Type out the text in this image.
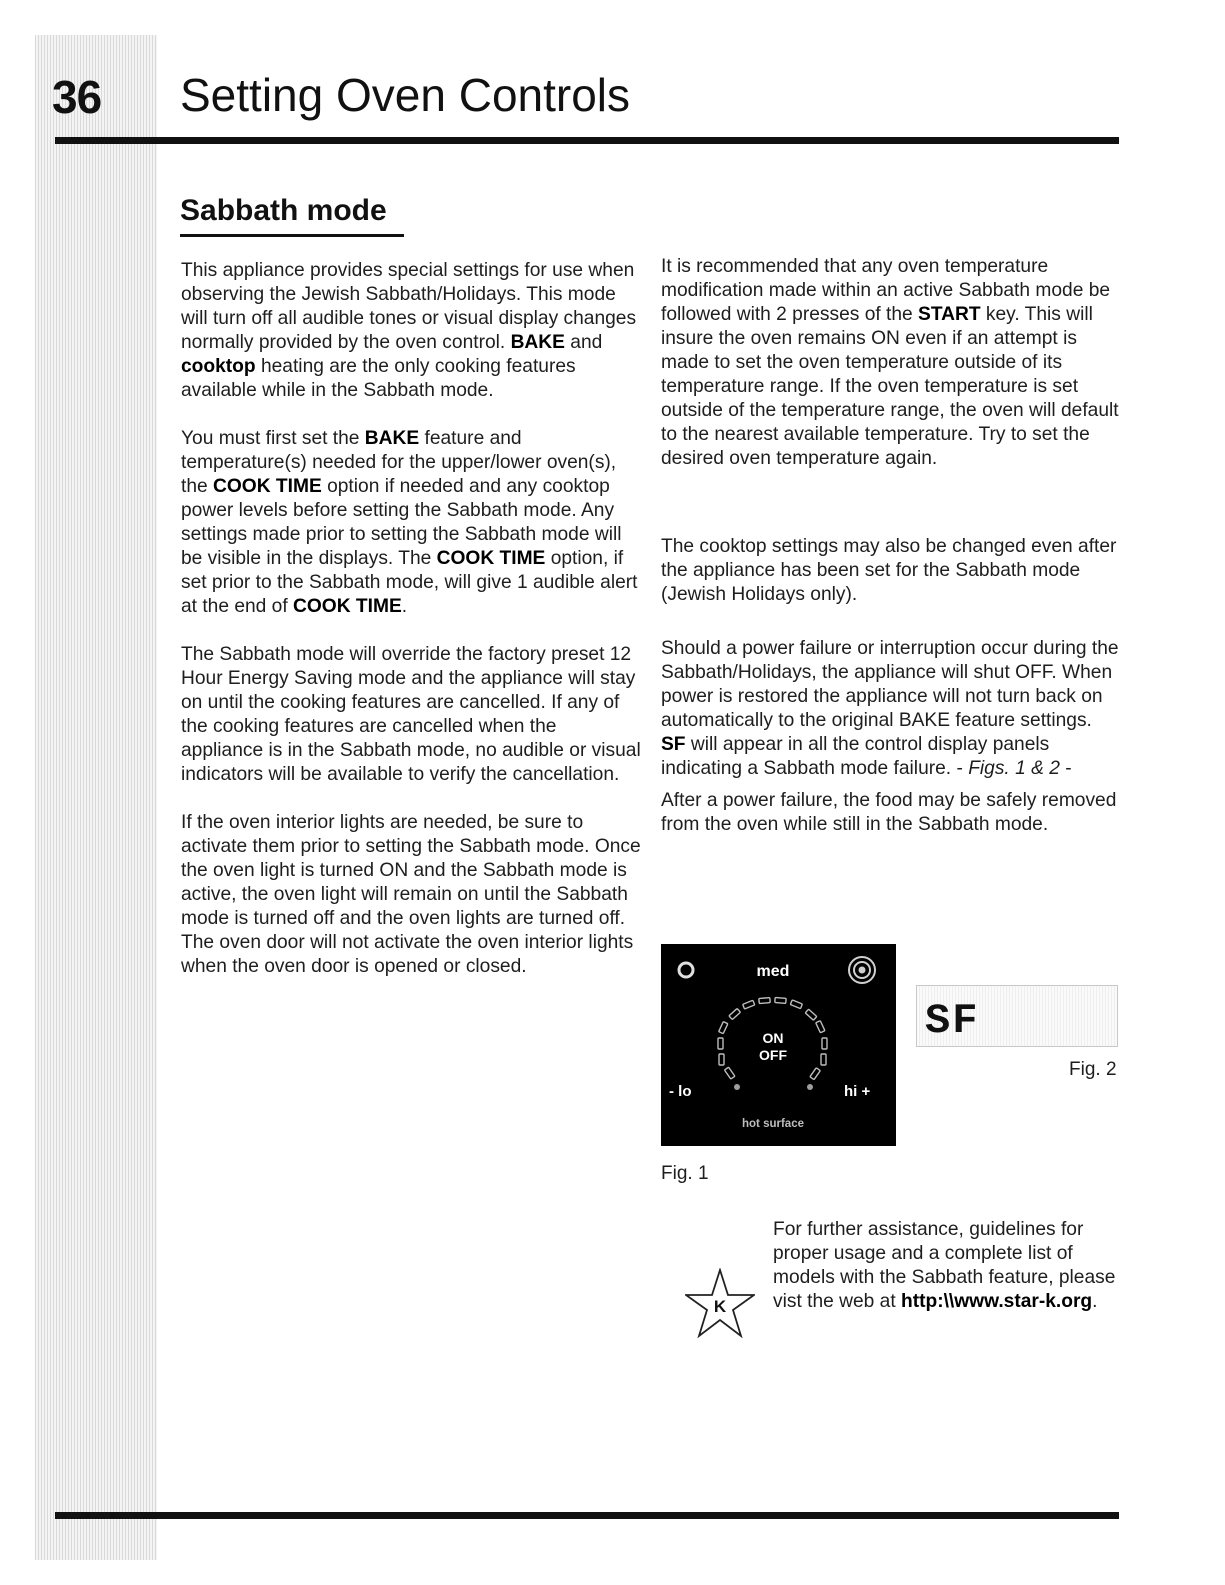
36 Setting Oven Controls
Sabbath mode

This appliance provides special settings for use when observing the Jewish Sabbath/Holidays. This mode will turn off all audible tones or visual display changes normally provided by the oven control. BAKE and cooktop heating are the only cooking features available while in the Sabbath mode.

You must first set the BAKE feature and temperature(s) needed for the upper/lower oven(s), the COOK TIME option if needed and any cooktop power levels before setting the Sabbath mode. Any settings made prior to setting the Sabbath mode will be visible in the displays. The COOK TIME option, if set prior to the Sabbath mode, will give 1 audible alert at the end of COOK TIME.

The Sabbath mode will override the factory preset 12 Hour Energy Saving mode and the appliance will stay on until the cooking features are cancelled. If any of the cooking features are cancelled when the appliance is in the Sabbath mode, no audible or visual indicators will be available to verify the cancellation.

If the oven interior lights are needed, be sure to activate them prior to setting the Sabbath mode. Once the oven light is turned ON and the Sabbath mode is active, the oven light will remain on until the Sabbath mode is turned off and the oven lights are turned off. The oven door will not activate the oven interior lights when the oven door is opened or closed.

It is recommended that any oven temperature modification made within an active Sabbath mode be followed with 2 presses of the START key. This will insure the oven remains ON even if an attempt is made to set the oven temperature outside of its temperature range. If the oven temperature is set outside of the temperature range, the oven will default to the nearest available temperature. Try to set the desired oven temperature again.

The cooktop settings may also be changed even after the appliance has been set for the Sabbath mode (Jewish Holidays only).

Should a power failure or interruption occur during the Sabbath/Holidays, the appliance will shut OFF. When power is restored the appliance will not turn back on automatically to the original BAKE feature settings. SF will appear in all the control display panels indicating a Sabbath mode failure. - Figs. 1 & 2 -

After a power failure, the food may be safely removed from the oven while still in the Sabbath mode.

med
ON
OFF
- lo	hi +
hot surface
Fig. 1
SF
Fig. 2
K
For further assistance, guidelines for proper usage and a complete list of models with the Sabbath feature, please vist the web at http:\\www.star-k.org.
